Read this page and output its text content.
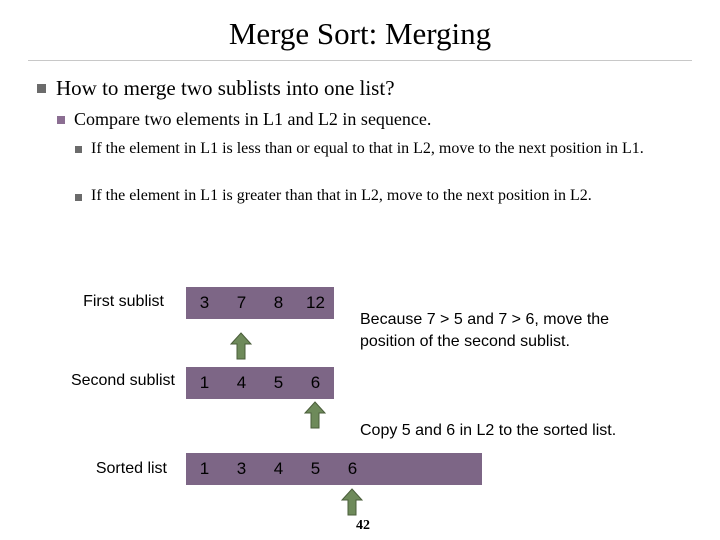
Merge Sort: Merging
How to merge two sublists into one list?
Compare two elements in L1 and L2 in sequence.
If the element in L1 is less than or equal to that in L2, move to the next position in L1.
If the element in L1 is greater than that in L2, move to the next position in L2.
First sublist
Second sublist
Sorted list
3	7	8	12
1	4	5	6
1	3	4	5	6
Because 7 > 5 and 7 > 6, move the position of the second sublist.
Copy 5 and 6 in L2 to the sorted list.
42
